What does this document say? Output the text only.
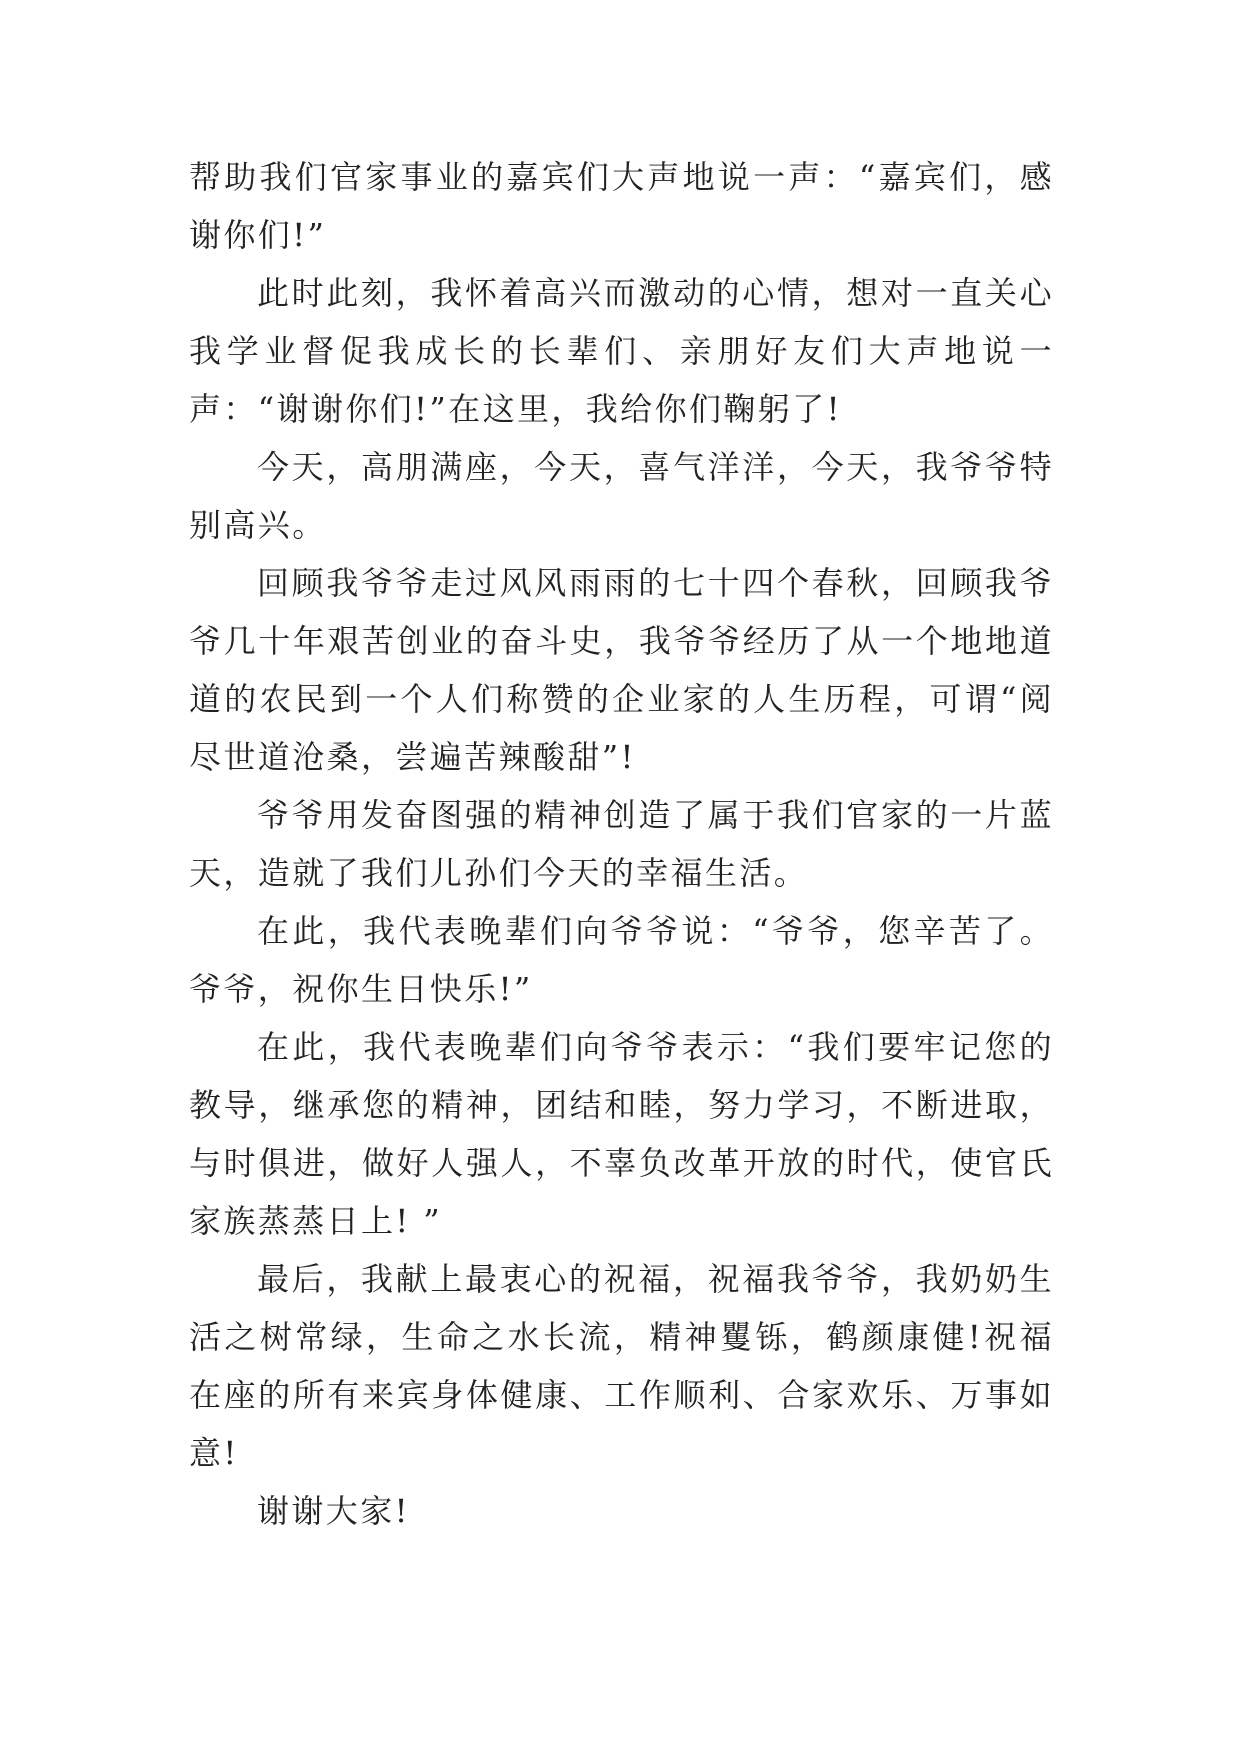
帮助我们官家事业的嘉宾们大声地说一声：“嘉宾们，感谢你们!”

此时此刻，我怀着高兴而激动的心情，想对一直关心我学业督促我成长的长辈们、亲朋好友们大声地说一声：“谢谢你们!”在这里，我给你们鞠躬了!

今天，高朋满座，今天，喜气洋洋，今天，我爷爷特别高兴。

回顾我爷爷走过风风雨雨的七十四个春秋，回顾我爷爷几十年艰苦创业的奋斗史，我爷爷经历了从一个地地道道的农民到一个人们称赞的企业家的人生历程，可谓“阅尽世道沧桑，尝遍苦辣酸甜”!

爷爷用发奋图强的精神创造了属于我们官家的一片蓝天，造就了我们儿孙们今天的幸福生活。

在此，我代表晚辈们向爷爷说：“爷爷，您辛苦了。爷爷，祝你生日快乐!”

在此，我代表晚辈们向爷爷表示：“我们要牢记您的教导，继承您的精神，团结和睦，努力学习，不断进取，与时俱进，做好人强人，不辜负改革开放的时代，使官氏家族蒸蒸日上! ”

最后，我献上最衷心的祝福，祝福我爷爷，我奶奶生活之树常绿，生命之水长流，精神矍铄，鹤颜康健!祝福在座的所有来宾身体健康、工作顺利、合家欢乐、万事如意!

谢谢大家!
